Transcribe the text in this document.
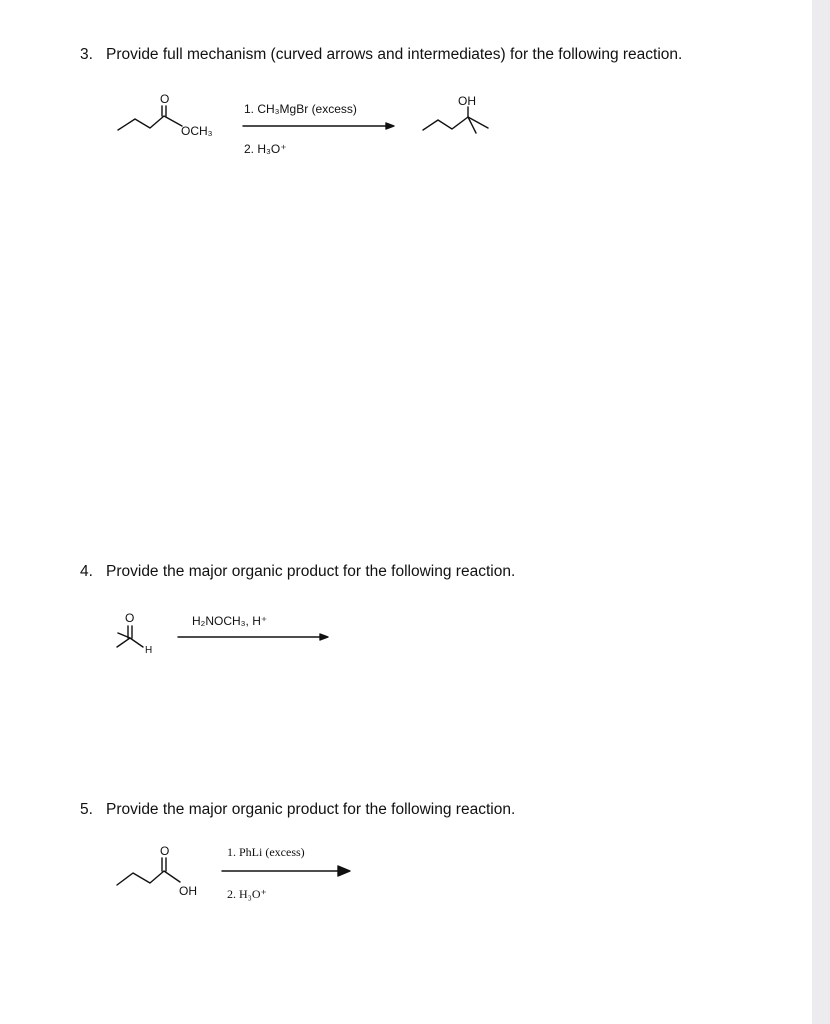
3. Provide full mechanism (curved arrows and intermediates) for the following reaction.
O
OCH₃
1. CH₃MgBr (excess)
2. H₃O⁺
OH
4. Provide the major organic product for the following reaction.
O
H
H₂NOCH₃, H⁺
5. Provide the major organic product for the following reaction.
O
OH
1. PhLi (excess)
2. H₃O⁺
